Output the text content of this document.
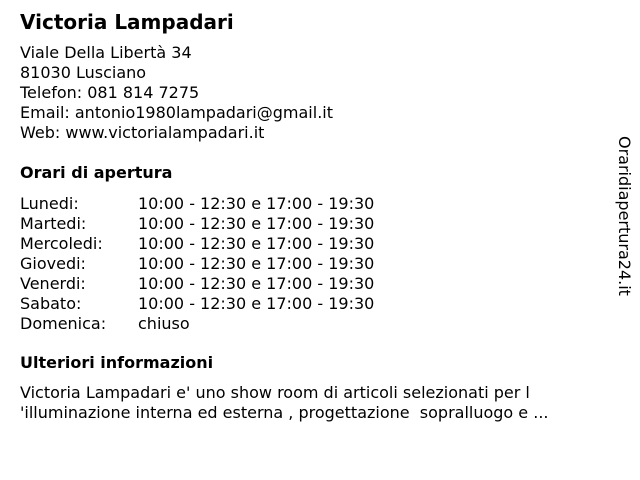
Victoria Lampadari
Viale Della Libertà 34
81030 Lusciano
Telefon: 081 814 7275
Email: antonio1980lampadari@gmail.it
Web: www.victorialampadari.it
Orari di apertura
Lunedi:	10:00 - 12:30 e 17:00 - 19:30
Martedi:	10:00 - 12:30 e 17:00 - 19:30
Mercoledi: 10:00 - 12:30 e 17:00 - 19:30
Giovedi:	10:00 - 12:30 e 17:00 - 19:30
Venerdi:	10:00 - 12:30 e 17:00 - 19:30
Sabato:	10:00 - 12:30 e 17:00 - 19:30
Domenica: chiuso
Ulteriori informazioni
Victoria Lampadari e' uno show room di articoli selezionati per l
'illuminazione interna ed esterna , progettazione  sopralluogo e ...
Oraridiapertura24.it
